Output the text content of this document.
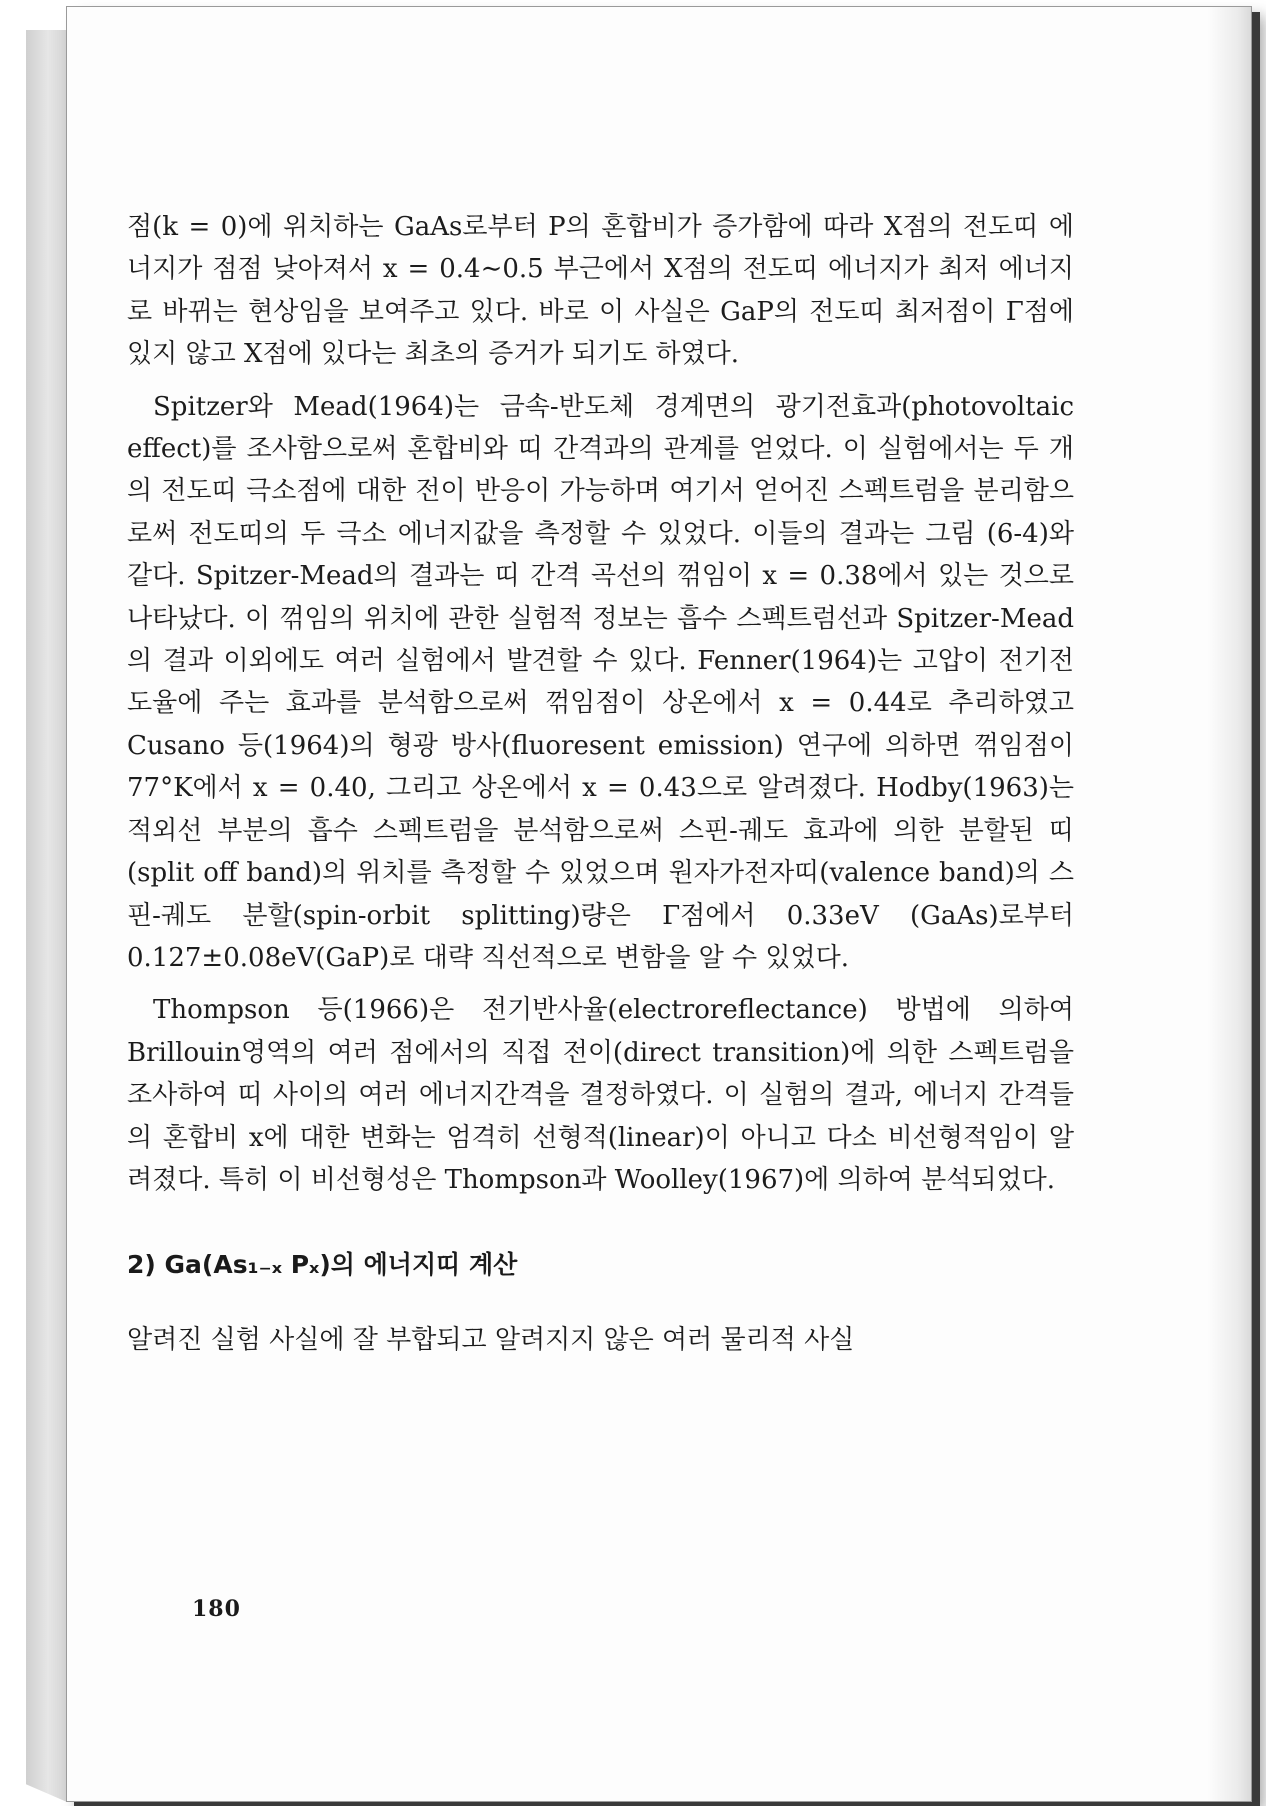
점(k = 0)에 위치하는 GaAs로부터 P의 혼합비가 증가함에 따라 X점의 전도띠 에너지가 점점 낮아져서 x = 0.4∼0.5 부근에서 X점의 전도띠 에너지가 최저 에너지로 바뀌는 현상임을 보여주고 있다. 바로 이 사실은 GaP의 전도띠 최저점이 Γ점에 있지 않고 X점에 있다는 최초의 증거가 되기도 하였다.

Spitzer와 Mead(1964)는 금속-반도체 경계면의 광기전효과(photovoltaic effect)를 조사함으로써 혼합비와 띠 간격과의 관계를 얻었다. 이 실험에서는 두 개의 전도띠 극소점에 대한 전이 반응이 가능하며 여기서 얻어진 스펙트럼을 분리함으로써 전도띠의 두 극소 에너지값을 측정할 수 있었다. 이들의 결과는 그림 (6-4)와 같다. Spitzer-Mead의 결과는 띠 간격 곡선의 꺾임이 x = 0.38에서 있는 것으로 나타났다. 이 꺾임의 위치에 관한 실험적 정보는 흡수 스펙트럼선과 Spitzer-Mead의 결과 이외에도 여러 실험에서 발견할 수 있다. Fenner(1964)는 고압이 전기전도율에 주는 효과를 분석함으로써 꺾임점이 상온에서 x = 0.44로 추리하였고 Cusano 등(1964)의 형광 방사(fluoresent emission) 연구에 의하면 꺾임점이 77°K에서 x = 0.40, 그리고 상온에서 x = 0.43으로 알려졌다. Hodby(1963)는 적외선 부분의 흡수 스펙트럼을 분석함으로써 스핀-궤도 효과에 의한 분할된 띠(split off band)의 위치를 측정할 수 있었으며 원자가전자띠(valence band)의 스핀-궤도 분할(spin-orbit splitting)량은 Γ점에서 0.33eV (GaAs)로부터 0.127±0.08eV(GaP)로 대략 직선적으로 변함을 알 수 있었다.

Thompson 등(1966)은 전기반사율(electroreflectance) 방법에 의하여 Brillouin영역의 여러 점에서의 직접 전이(direct transition)에 의한 스펙트럼을 조사하여 띠 사이의 여러 에너지간격을 결정하였다. 이 실험의 결과, 에너지 간격들의 혼합비 x에 대한 변화는 엄격히 선형적(linear)이 아니고 다소 비선형적임이 알려졌다. 특히 이 비선형성은 Thompson과 Woolley(1967)에 의하여 분석되었다.

2) Ga(As₁₋ₓ Pₓ)의 에너지띠 계산

알려진 실험 사실에 잘 부합되고 알려지지 않은 여러 물리적 사실

180
